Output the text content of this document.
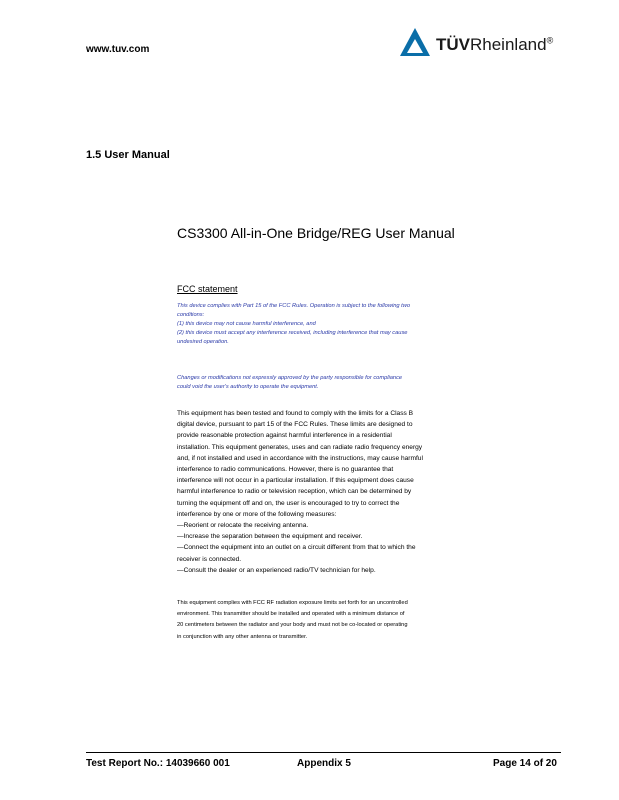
www.tuv.com	TÜVRheinland®
1.5 User Manual
CS3300 All-in-One Bridge/REG User Manual
FCC statement
This device complies with Part 15 of the FCC Rules. Operation is subject to the following two
conditions:
(1) this device may not cause harmful interference, and
(2) this device must accept any interference received, including interference that may cause
undesired operation.
Changes or modifications not expressly approved by the party responsible for compliance
could void the user's authority to operate the equipment.
This equipment has been tested and found to comply with the limits for a Class B
digital device, pursuant to part 15 of the FCC Rules. These limits are designed to
provide reasonable protection against harmful interference in a residential
installation. This equipment generates, uses and can radiate radio frequency energy
and, if not installed and used in accordance with the instructions, may cause harmful
interference to radio communications. However, there is no guarantee that
interference will not occur in a particular installation. If this equipment does cause
harmful interference to radio or television reception, which can be determined by
turning the equipment off and on, the user is encouraged to try to correct the
interference by one or more of the following measures:
—Reorient or relocate the receiving antenna.
—Increase the separation between the equipment and receiver.
—Connect the equipment into an outlet on a circuit different from that to which the
receiver is connected.
—Consult the dealer or an experienced radio/TV technician for help.
This equipment complies with FCC RF radiation exposure limits set forth for an uncontrolled
environment. This transmitter should be installed and operated with a minimum distance of
20 centimeters between the radiator and your body and must not be co-located or operating
in conjunction with any other antenna or transmitter.
Test Report No.: 14039660 001	Appendix 5	Page 14 of 20
